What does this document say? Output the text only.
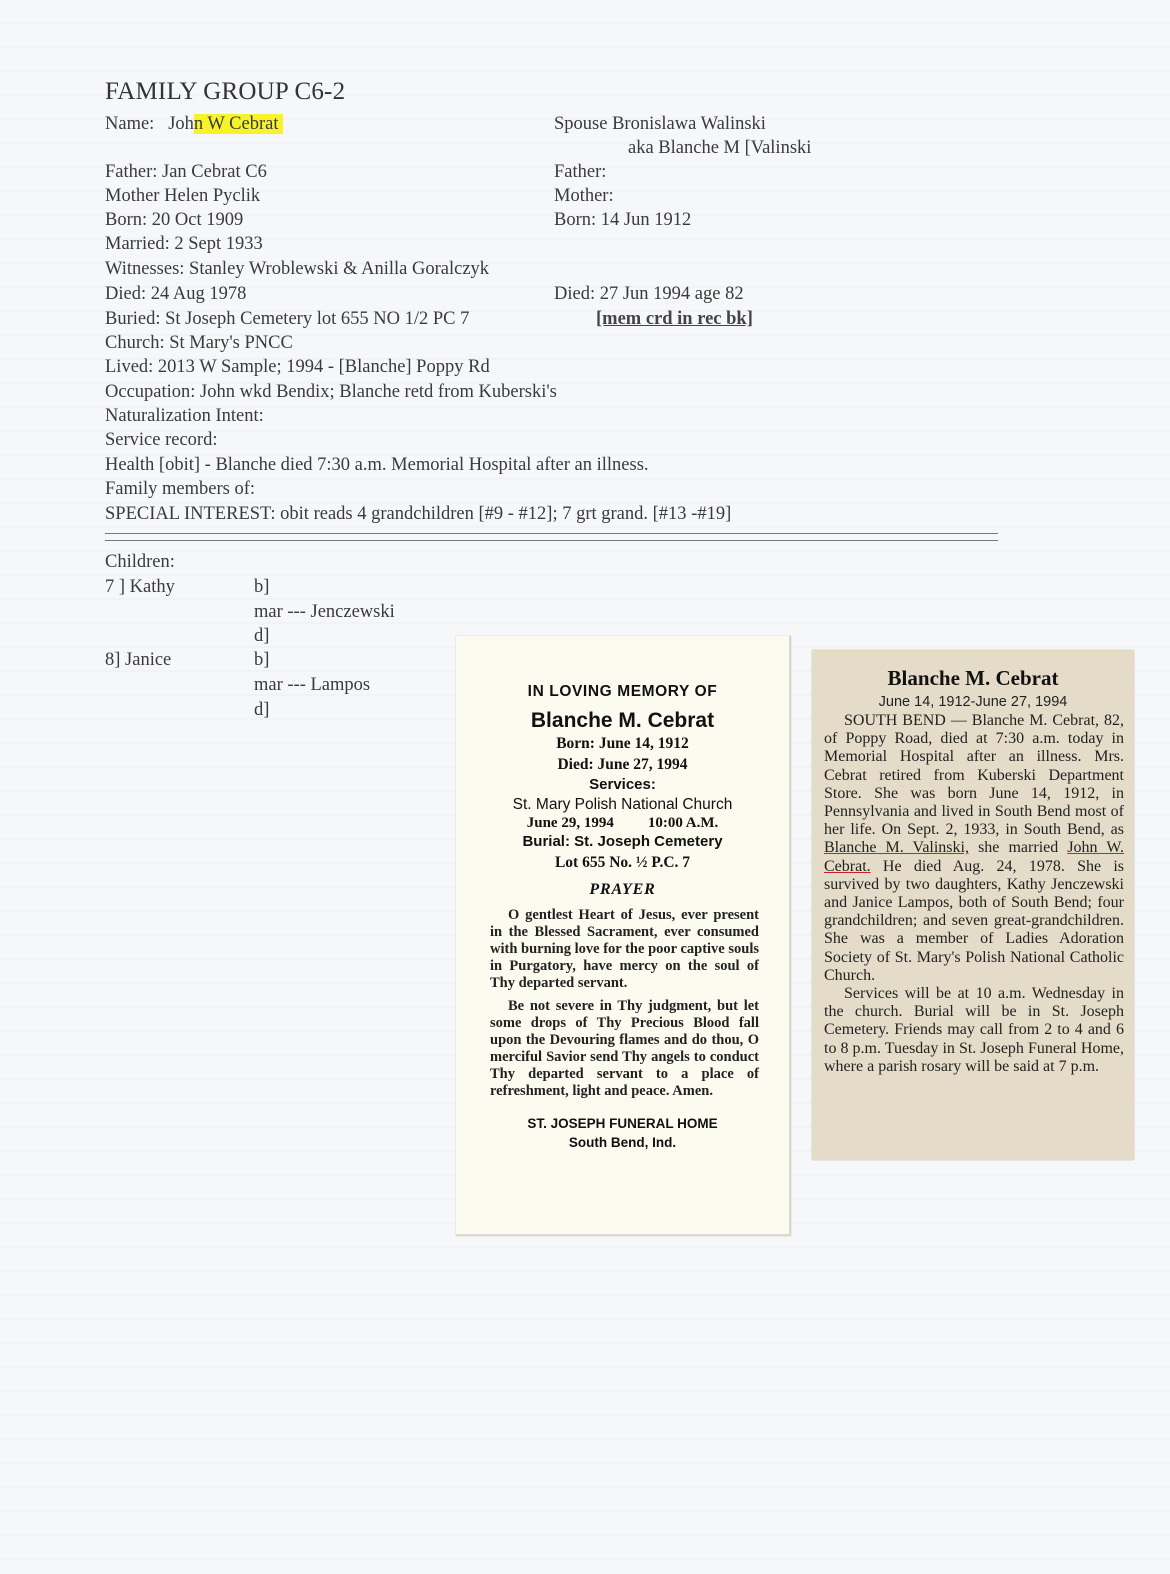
FAMILY GROUP C6-2
Name: John W Cebrat
Father: Jan Cebrat C6
Mother Helen Pyclik
Born: 20 Oct 1909
Married: 2 Sept 1933
Witnesses: Stanley Wroblewski & Anilla Goralczyk
Died: 24 Aug 1978
Buried: St Joseph Cemetery lot 655 NO 1/2 PC 7
Church: St Mary's PNCC
Lived: 2013 W Sample; 1994 - [Blanche] Poppy Rd
Occupation: John wkd Bendix; Blanche retd from Kuberski's
Naturalization Intent:
Service record:
Health [obit] - Blanche died 7:30 a.m. Memorial Hospital after an illness.
Family members of:
SPECIAL INTEREST: obit reads 4 grandchildren [#9 - #12]; 7 grt grand. [#13 -#19]
Spouse Bronislawa Walinski
aka Blanche M [Valinski
Father:
Mother:
Born: 14 Jun 1912
Died: 27 Jun 1994 age 82
[mem crd in rec bk]
Children:
7 ] Kathy	b]
mar --- Jenczewski
d]
8] Janice	b]
mar --- Lampos
d]
IN LOVING MEMORY OF
Blanche M. Cebrat
Born: June 14, 1912
Died: June 27, 1994
Services:
St. Mary Polish National Church
June 29, 1994 10:00 A.M.
Burial: St. Joseph Cemetery
Lot 655 No. ½ P.C. 7
PRAYER

O gentlest Heart of Jesus, ever present in the Blessed Sacrament, ever consumed with burning love for the poor captive souls in Purgatory, have mercy on the soul of Thy departed servant.

Be not severe in Thy judgment, but let some drops of Thy Precious Blood fall upon the Devouring flames and do thou, O merciful Savior send Thy angels to conduct Thy departed servant to a place of refreshment, light and peace. Amen.

ST. JOSEPH FUNERAL HOME
South Bend, Ind.
Blanche M. Cebrat
June 14, 1912-June 27, 1994

SOUTH BEND — Blanche M. Cebrat, 82, of Poppy Road, died at 7:30 a.m. today in Memorial Hospital after an illness. Mrs. Cebrat retired from Kuberski Department Store. She was born June 14, 1912, in Pennsylvania and lived in South Bend most of her life. On Sept. 2, 1933, in South Bend, as Blanche M. Valinski, she married John W. Cebrat. He died Aug. 24, 1978. She is survived by two daughters, Kathy Jenczewski and Janice Lampos, both of South Bend; four grandchildren; and seven great-grandchildren. She was a member of Ladies Adoration Society of St. Mary's Polish National Catholic Church.

Services will be at 10 a.m. Wednesday in the church. Burial will be in St. Joseph Cemetery. Friends may call from 2 to 4 and 6 to 8 p.m. Tuesday in St. Joseph Funeral Home, where a parish rosary will be said at 7 p.m.
